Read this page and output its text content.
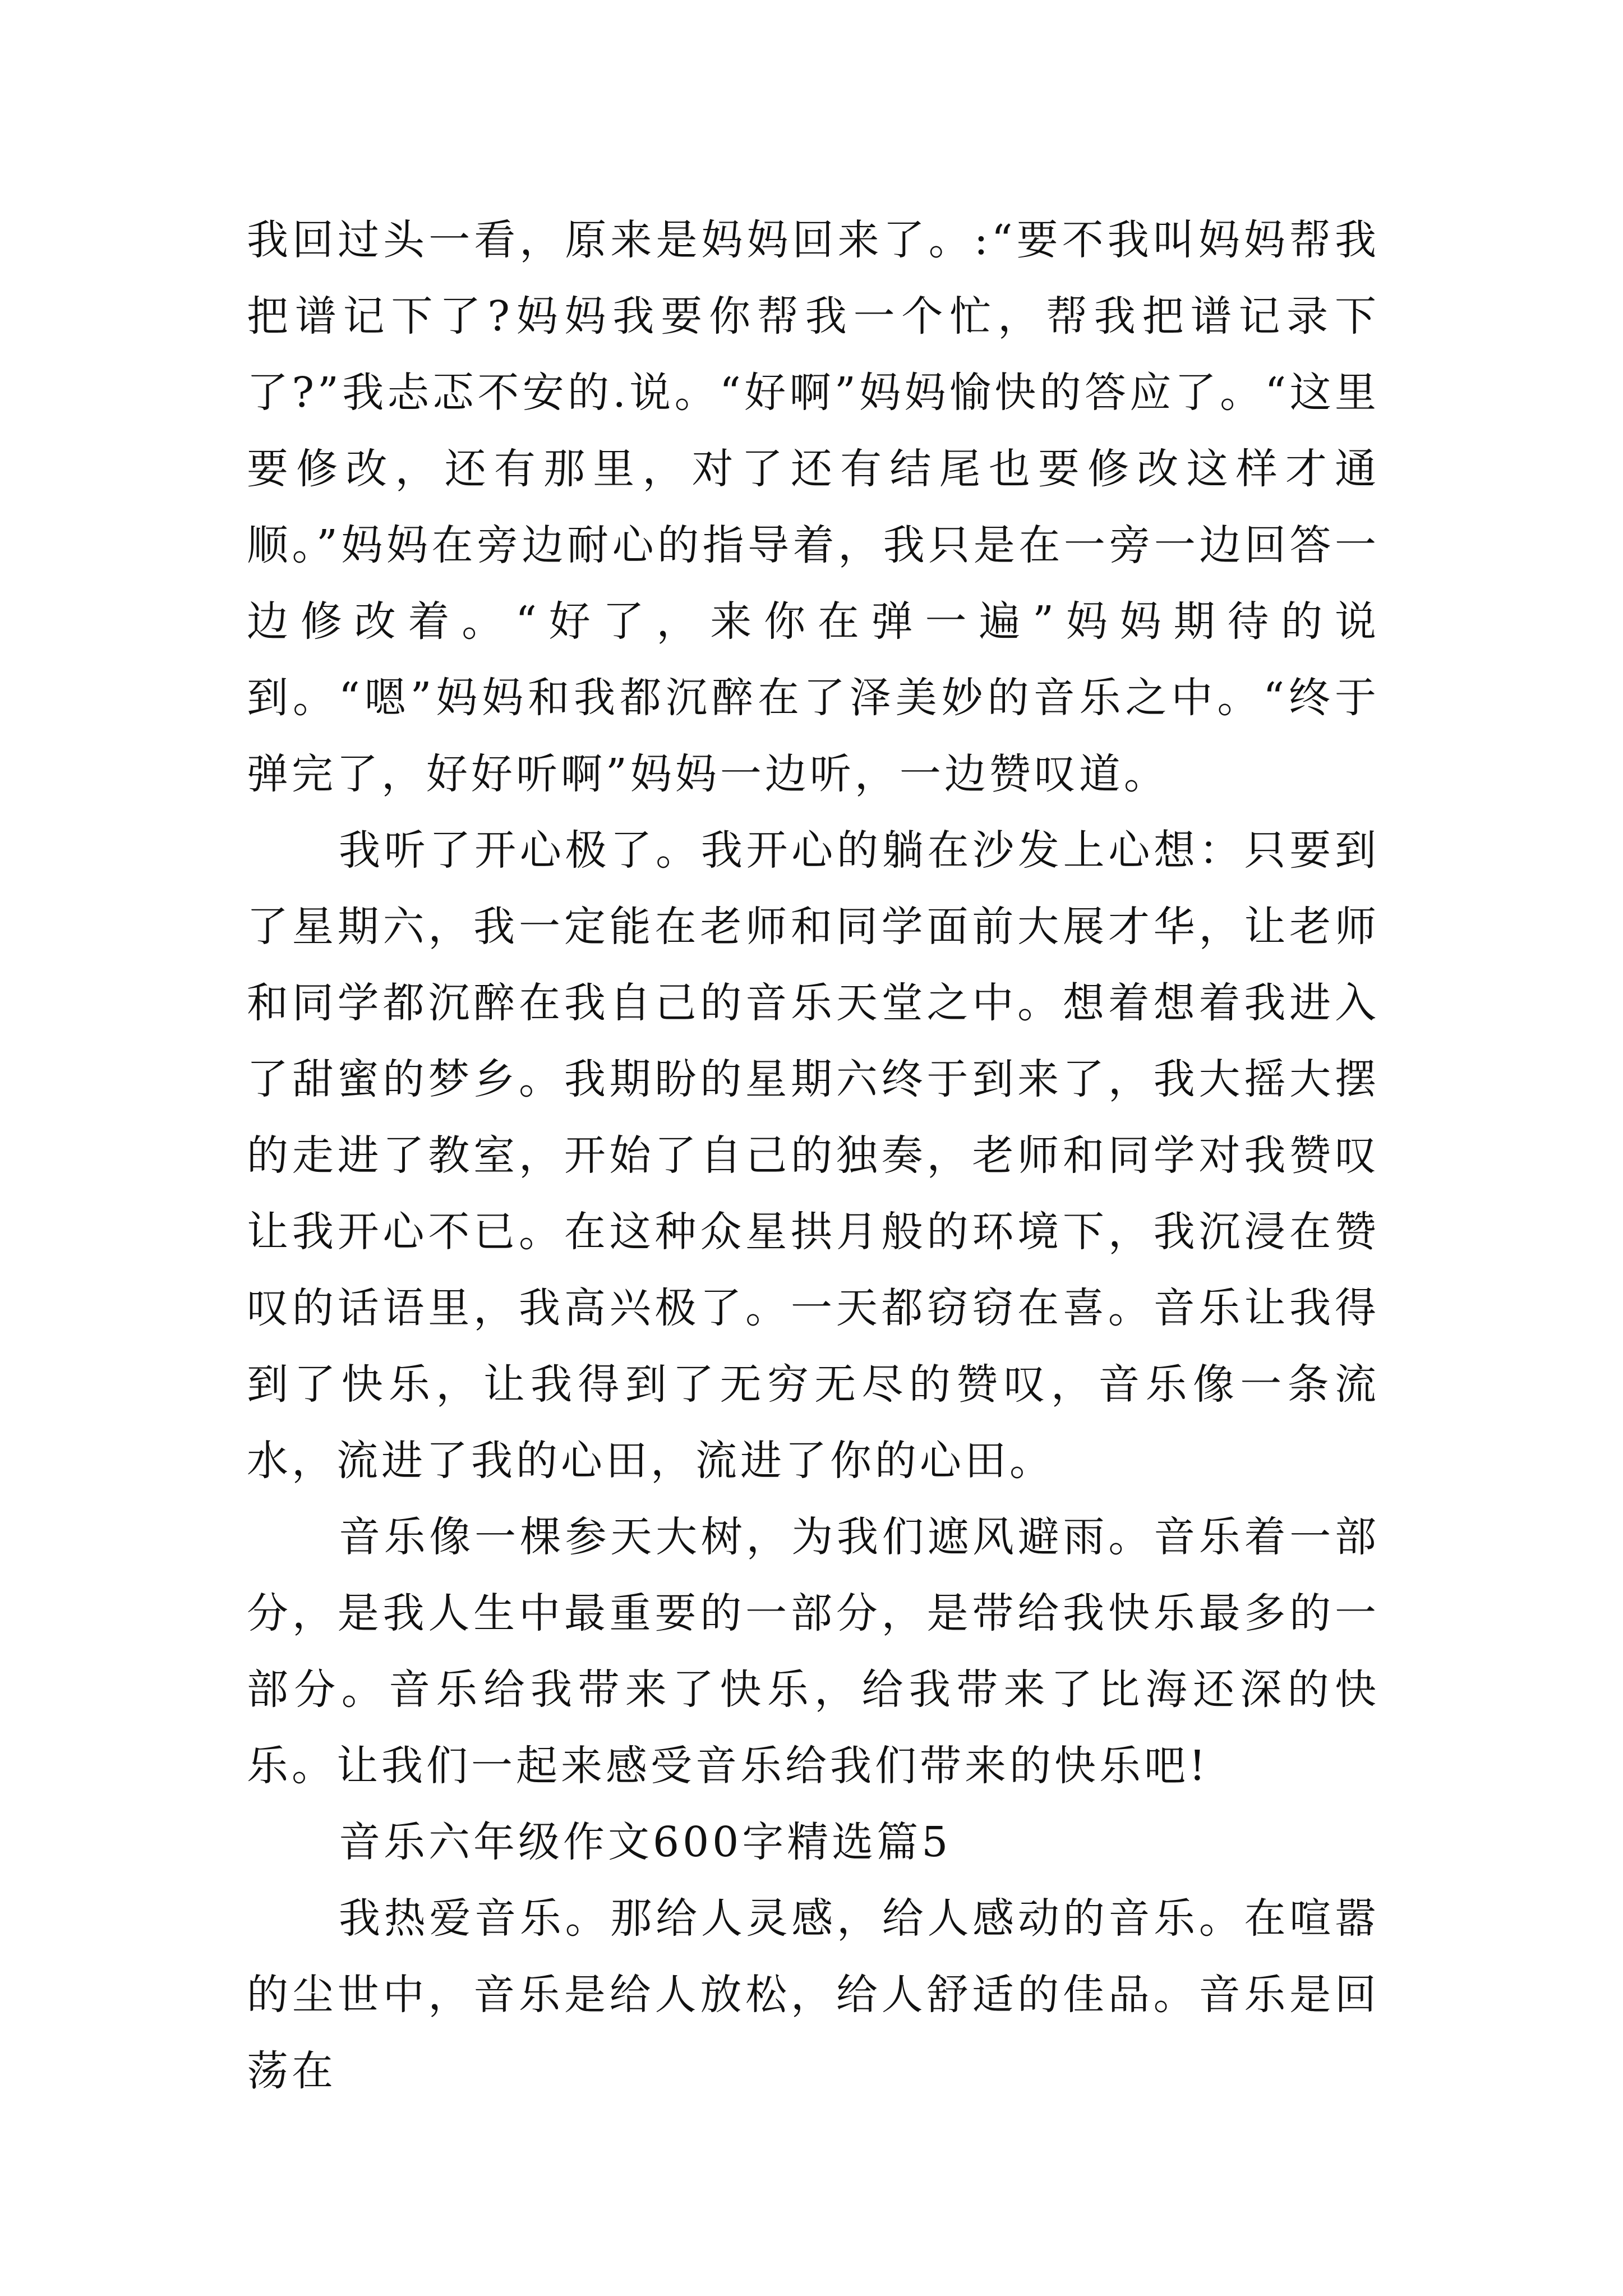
我回过头一看，原来是妈妈回来了。:“要不我叫妈妈帮我把谱记下了?妈妈我要你帮我一个忙，帮我把谱记录下了?”我忐忑不安的.说。“好啊”妈妈愉快的答应了。“这里要修改，还有那里，对了还有结尾也要修改这样才通顺。”妈妈在旁边耐心的指导着，我只是在一旁一边回答一边修改着。“好了，来你在弹一遍”妈妈期待的说到。“嗯”妈妈和我都沉醉在了泽美妙的音乐之中。“终于弹完了，好好听啊”妈妈一边听，一边赞叹道。

我听了开心极了。我开心的躺在沙发上心想：只要到了星期六，我一定能在老师和同学面前大展才华，让老师和同学都沉醉在我自己的音乐天堂之中。想着想着我进入了甜蜜的梦乡。我期盼的星期六终于到来了，我大摇大摆的走进了教室，开始了自己的独奏，老师和同学对我赞叹让我开心不已。在这种众星拱月般的环境下，我沉浸在赞叹的话语里，我高兴极了。一天都窃窃在喜。音乐让我得到了快乐，让我得到了无穷无尽的赞叹，音乐像一条流水，流进了我的心田，流进了你的心田。

音乐像一棵参天大树，为我们遮风避雨。音乐着一部分，是我人生中最重要的一部分，是带给我快乐最多的一部分。音乐给我带来了快乐，给我带来了比海还深的快乐。让我们一起来感受音乐给我们带来的快乐吧!

音乐六年级作文600字精选篇5

我热爱音乐。那给人灵感，给人感动的音乐。在喧嚣的尘世中，音乐是给人放松，给人舒适的佳品。音乐是回荡在
